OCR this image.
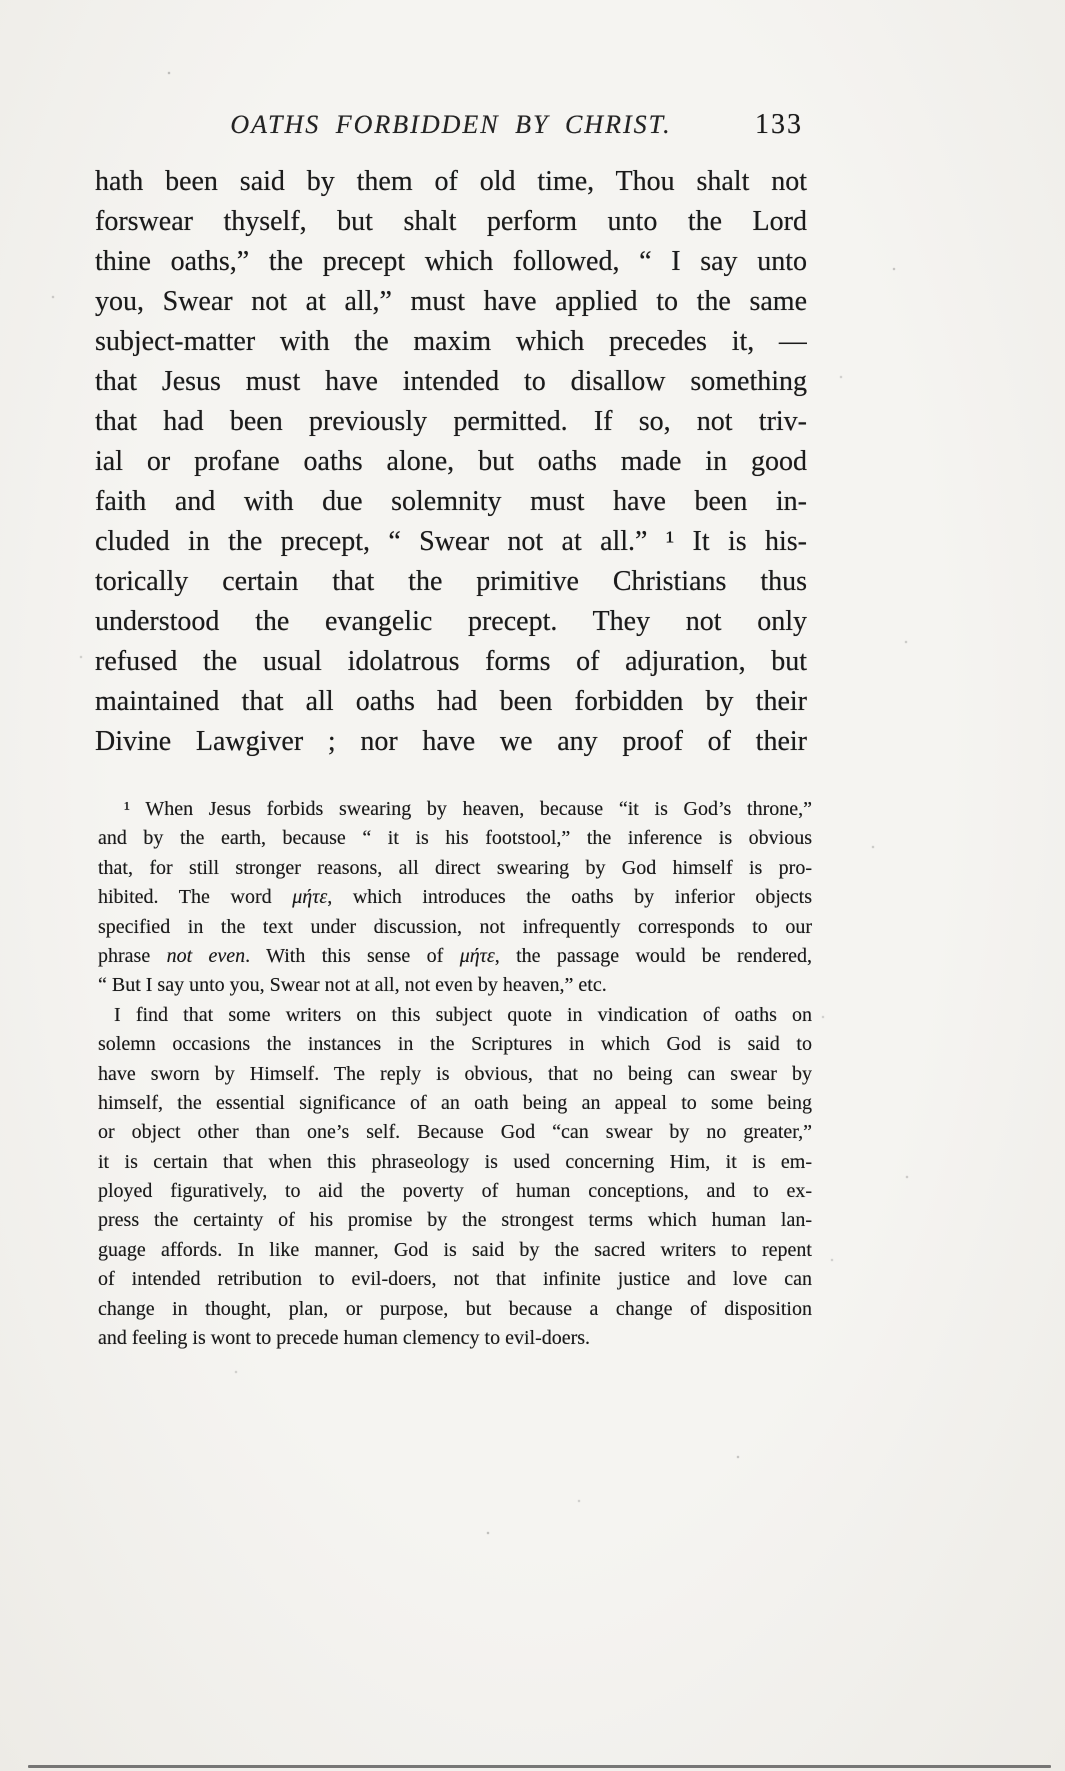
OATHS FORBIDDEN BY CHRIST.	133
hath been said by them of old time, Thou shalt not
forswear thyself, but shalt perform unto the Lord
thine oaths,” the precept which followed, “ I say unto
you, Swear not at all,” must have applied to the same
subject-matter with the maxim which precedes it, —
that Jesus must have intended to disallow something
that had been previously permitted. If so, not triv-
ial or profane oaths alone, but oaths made in good
faith and with due solemnity must have been in-
cluded in the precept, “ Swear not at all.” ¹ It is his-
torically certain that the primitive Christians thus
understood the evangelic precept. They not only
refused the usual idolatrous forms of adjuration, but
maintained that all oaths had been forbidden by their
Divine Lawgiver ; nor have we any proof of their
¹ When Jesus forbids swearing by heaven, because “it is God’s throne,”
and by the earth, because “ it is his footstool,” the inference is obvious
that, for still stronger reasons, all direct swearing by God himself is pro-
hibited. The word μήτε, which introduces the oaths by inferior objects
specified in the text under discussion, not infrequently corresponds to our
phrase not even. With this sense of μήτε, the passage would be rendered,
“ But I say unto you, Swear not at all, not even by heaven,” etc.
I find that some writers on this subject quote in vindication of oaths on
solemn occasions the instances in the Scriptures in which God is said to
have sworn by Himself. The reply is obvious, that no being can swear by
himself, the essential significance of an oath being an appeal to some being
or object other than one’s self. Because God “can swear by no greater,”
it is certain that when this phraseology is used concerning Him, it is em-
ployed figuratively, to aid the poverty of human conceptions, and to ex-
press the certainty of his promise by the strongest terms which human lan-
guage affords. In like manner, God is said by the sacred writers to repent
of intended retribution to evil-doers, not that infinite justice and love can
change in thought, plan, or purpose, but because a change of disposition
and feeling is wont to precede human clemency to evil-doers.
